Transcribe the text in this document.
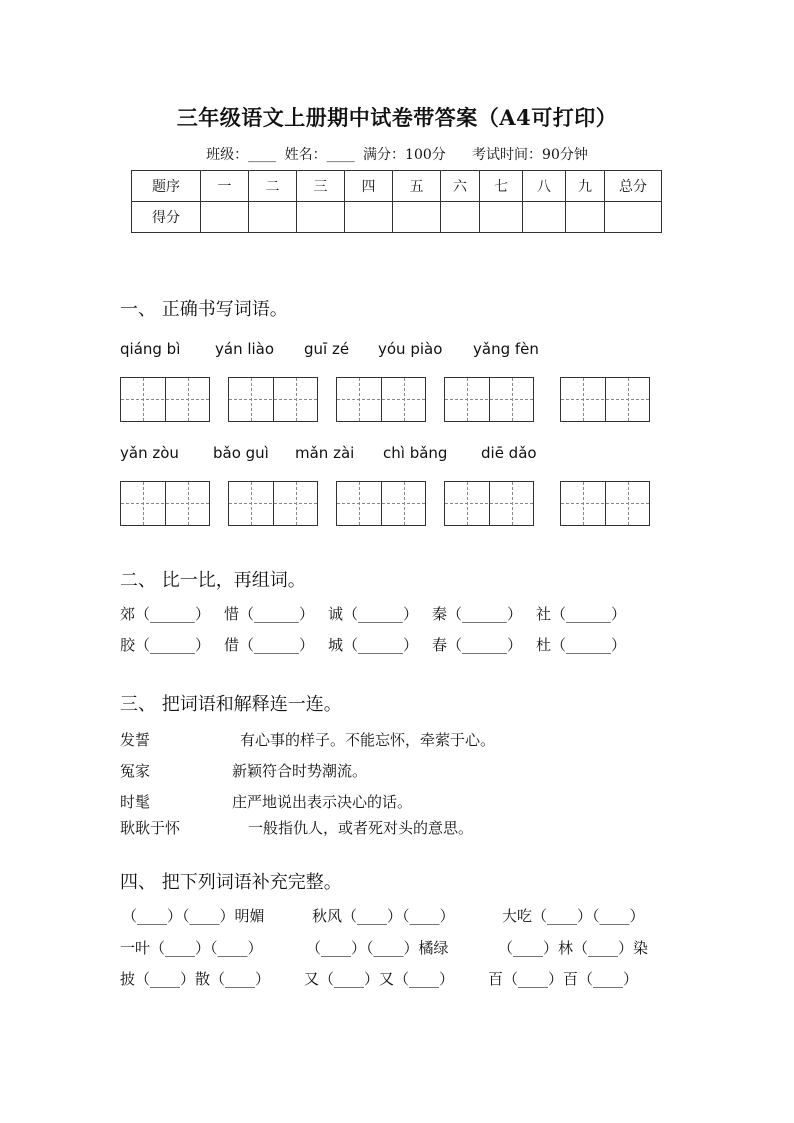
三年级语文上册期中试卷带答案（A4可打印）
班级：____ 姓名：____ 满分：100分 考试时间：90分钟
题序	一	二	三	四	五	六	七	八	九	总分
得分										
一、 正确书写词语。
qiáng bì yán liào guī zé yóu piào yǎng fèn
yǎn zòu bǎo guì mǎn zài chì bǎng diē dǎo
二、 比一比，再组词。
郊（______） 惜（______） 诚（______） 秦（______） 社（______）
胶（______） 借（______） 城（______） 春（______） 杜（______）
三、 把词语和解释连一连。
发誓	有心事的样子。不能忘怀，牵萦于心。
冤家	新颖符合时势潮流。
时髦	庄严地说出表示决心的话。
耿耿于怀	一般指仇人，或者死对头的意思。
四、 把下列词语补充完整。
（____）（____）明媚	秋风（____）（____）	大吃（____）（____）
一叶（____）（____）	（____）（____）橘绿	（____）林（____）染
披（____）散（____） 又（____）又（____） 百（____）百（____）
